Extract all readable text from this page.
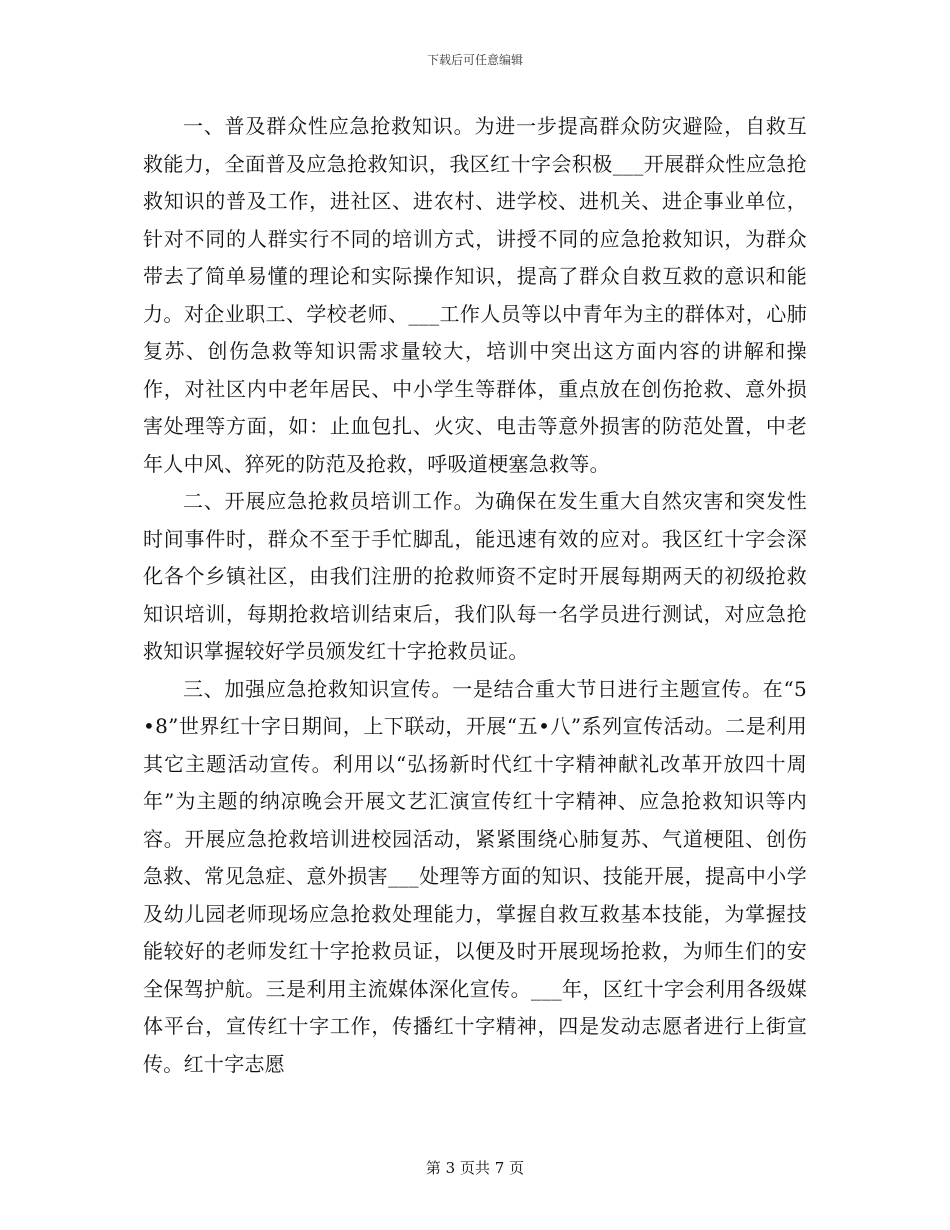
下载后可任意编辑

一、普及群众性应急抢救知识。为进一步提高群众防灾避险，自救互救能力，全面普及应急抢救知识，我区红十字会积极___开展群众性应急抢救知识的普及工作，进社区、进农村、进学校、进机关、进企事业单位，针对不同的人群实行不同的培训方式，讲授不同的应急抢救知识，为群众带去了简单易懂的理论和实际操作知识，提高了群众自救互救的意识和能力。对企业职工、学校老师、___工作人员等以中青年为主的群体对，心肺复苏、创伤急救等知识需求量较大，培训中突出这方面内容的讲解和操作，对社区内中老年居民、中小学生等群体，重点放在创伤抢救、意外损害处理等方面，如：止血包扎、火灾、电击等意外损害的防范处置，中老年人中风、猝死的防范及抢救，呼吸道梗塞急救等。

二、开展应急抢救员培训工作。为确保在发生重大自然灾害和突发性时间事件时，群众不至于手忙脚乱，能迅速有效的应对。我区红十字会深化各个乡镇社区，由我们注册的抢救师资不定时开展每期两天的初级抢救知识培训，每期抢救培训结束后，我们队每一名学员进行测试，对应急抢救知识掌握较好学员颁发红十字抢救员证。

三、加强应急抢救知识宣传。一是结合重大节日进行主题宣传。在“5•8”世界红十字日期间，上下联动，开展“五•八”系列宣传活动。二是利用其它主题活动宣传。利用以“弘扬新时代红十字精神献礼改革开放四十周年”为主题的纳凉晚会开展文艺汇演宣传红十字精神、应急抢救知识等内容。开展应急抢救培训进校园活动，紧紧围绕心肺复苏、气道梗阻、创伤急救、常见急症、意外损害___处理等方面的知识、技能开展，提高中小学及幼儿园老师现场应急抢救处理能力，掌握自救互救基本技能，为掌握技能较好的老师发红十字抢救员证，以便及时开展现场抢救，为师生们的安全保驾护航。三是利用主流媒体深化宣传。___年，区红十字会利用各级媒体平台，宣传红十字工作，传播红十字精神，四是发动志愿者进行上街宣传。红十字志愿

第 3 页共 7 页
